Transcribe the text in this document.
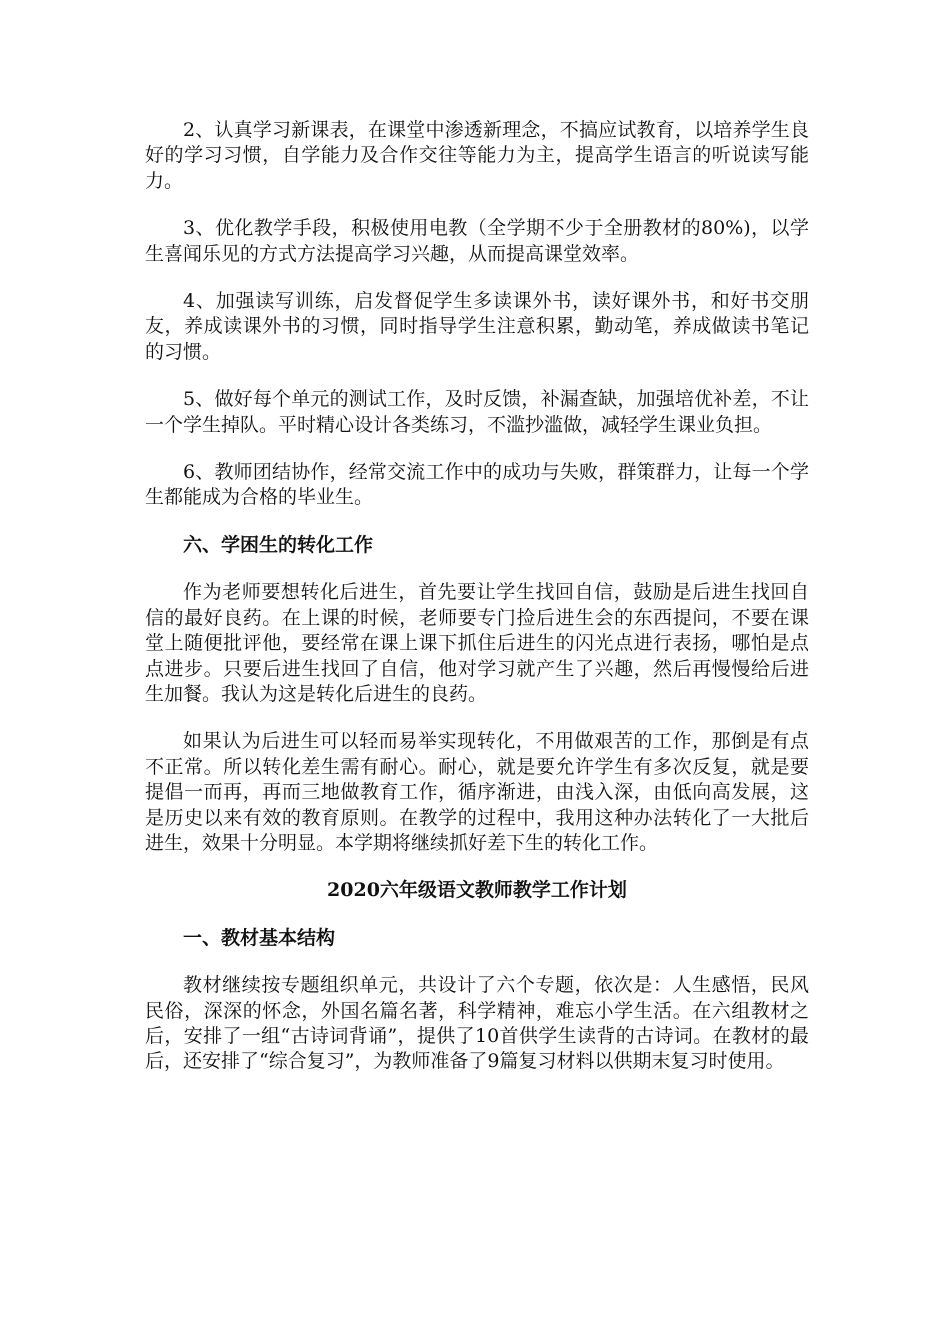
2、认真学习新课表，在课堂中渗透新理念，不搞应试教育，以培养学生良好的学习习惯，自学能力及合作交往等能力为主，提高学生语言的听说读写能力。

3、优化教学手段，积极使用电教（全学期不少于全册教材的80%)，以学生喜闻乐见的方式方法提高学习兴趣，从而提高课堂效率。

4、加强读写训练，启发督促学生多读课外书，读好课外书，和好书交朋友，养成读课外书的习惯，同时指导学生注意积累，勤动笔，养成做读书笔记的习惯。

5、做好每个单元的测试工作，及时反馈，补漏查缺，加强培优补差，不让一个学生掉队。平时精心设计各类练习，不滥抄滥做，减轻学生课业负担。

6、教师团结协作，经常交流工作中的成功与失败，群策群力，让每一个学生都能成为合格的毕业生。

六、学困生的转化工作

作为老师要想转化后进生，首先要让学生找回自信，鼓励是后进生找回自信的最好良药。在上课的时候，老师要专门捡后进生会的东西提问，不要在课堂上随便批评他，要经常在课上课下抓住后进生的闪光点进行表扬，哪怕是点点进步。只要后进生找回了自信，他对学习就产生了兴趣，然后再慢慢给后进生加餐。我认为这是转化后进生的良药。

如果认为后进生可以轻而易举实现转化，不用做艰苦的工作，那倒是有点不正常。所以转化差生需有耐心。耐心，就是要允许学生有多次反复，就是要提倡一而再，再而三地做教育工作，循序渐进，由浅入深，由低向高发展，这是历史以来有效的教育原则。在教学的过程中，我用这种办法转化了一大批后进生，效果十分明显。本学期将继续抓好差下生的转化工作。

2020六年级语文教师教学工作计划

一、教材基本结构

教材继续按专题组织单元，共设计了六个专题，依次是：人生感悟，民风民俗，深深的怀念，外国名篇名著，科学精神，难忘小学生活。在六组教材之后，安排了一组“古诗词背诵”，提供了10首供学生读背的古诗词。在教材的最后，还安排了“综合复习”，为教师准备了9篇复习材料以供期末复习时使用。
